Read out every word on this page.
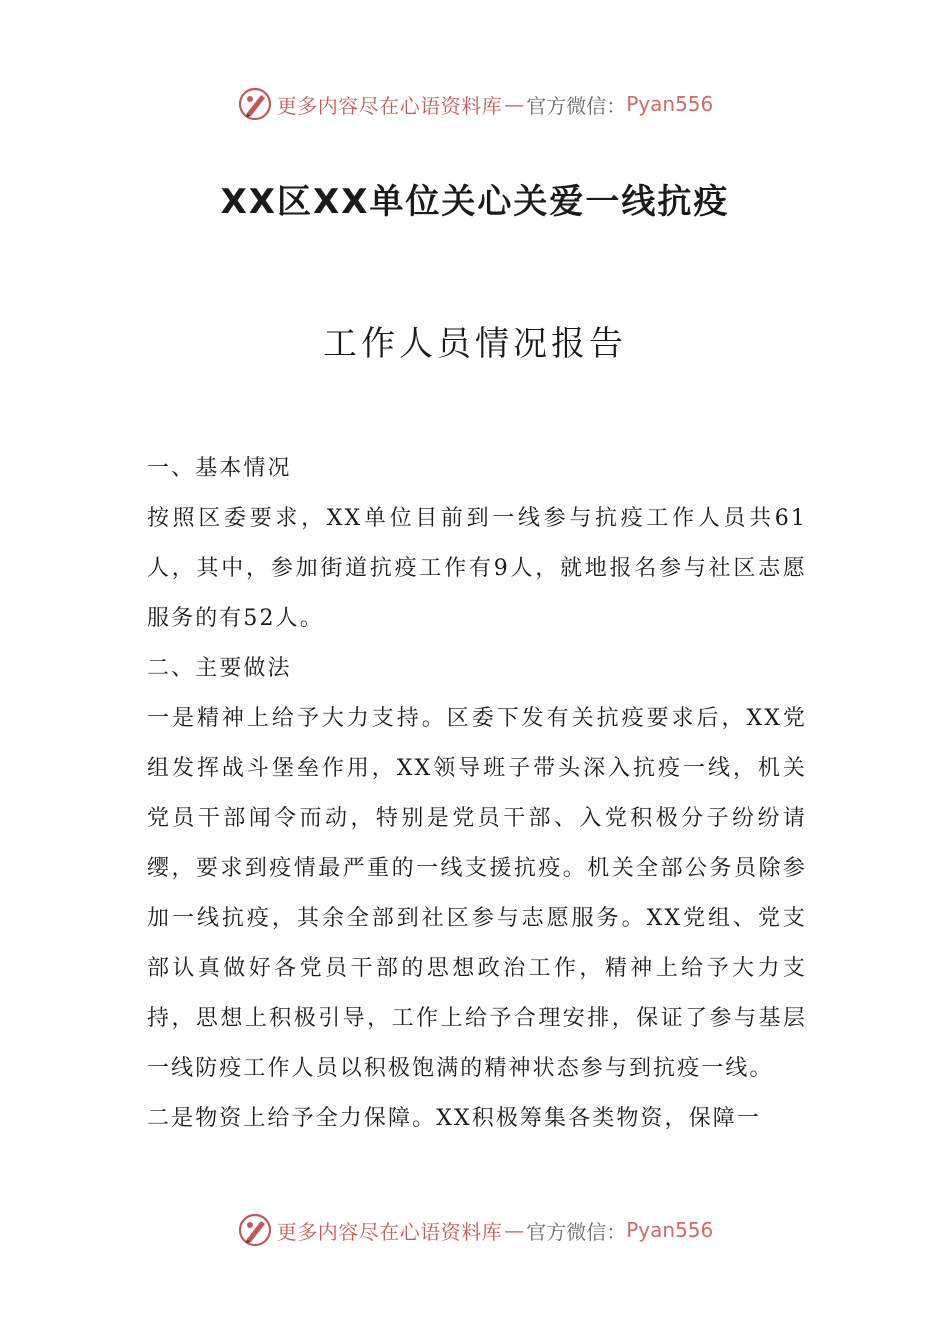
更多内容尽在心语资料库 — 官方微信： Pyan556
XX区XX单位关心关爱一线抗疫
工作人员情况报告

一、基本情况

按照区委要求，XX单位目前到一线参与抗疫工作人员共61人，其中，参加街道抗疫工作有9人，就地报名参与社区志愿服务的有52人。

二、主要做法

一是精神上给予大力支持。区委下发有关抗疫要求后，XX党组发挥战斗堡垒作用，XX领导班子带头深入抗疫一线，机关党员干部闻令而动，特别是党员干部、入党积极分子纷纷请缨，要求到疫情最严重的一线支援抗疫。机关全部公务员除参加一线抗疫，其余全部到社区参与志愿服务。XX党组、党支部认真做好各党员干部的思想政治工作，精神上给予大力支持，思想上积极引导，工作上给予合理安排，保证了参与基层一线防疫工作人员以积极饱满的精神状态参与到抗疫一线。

二是物资上给予全力保障。XX积极筹集各类物资，保障一

更多内容尽在心语资料库 — 官方微信： Pyan556
